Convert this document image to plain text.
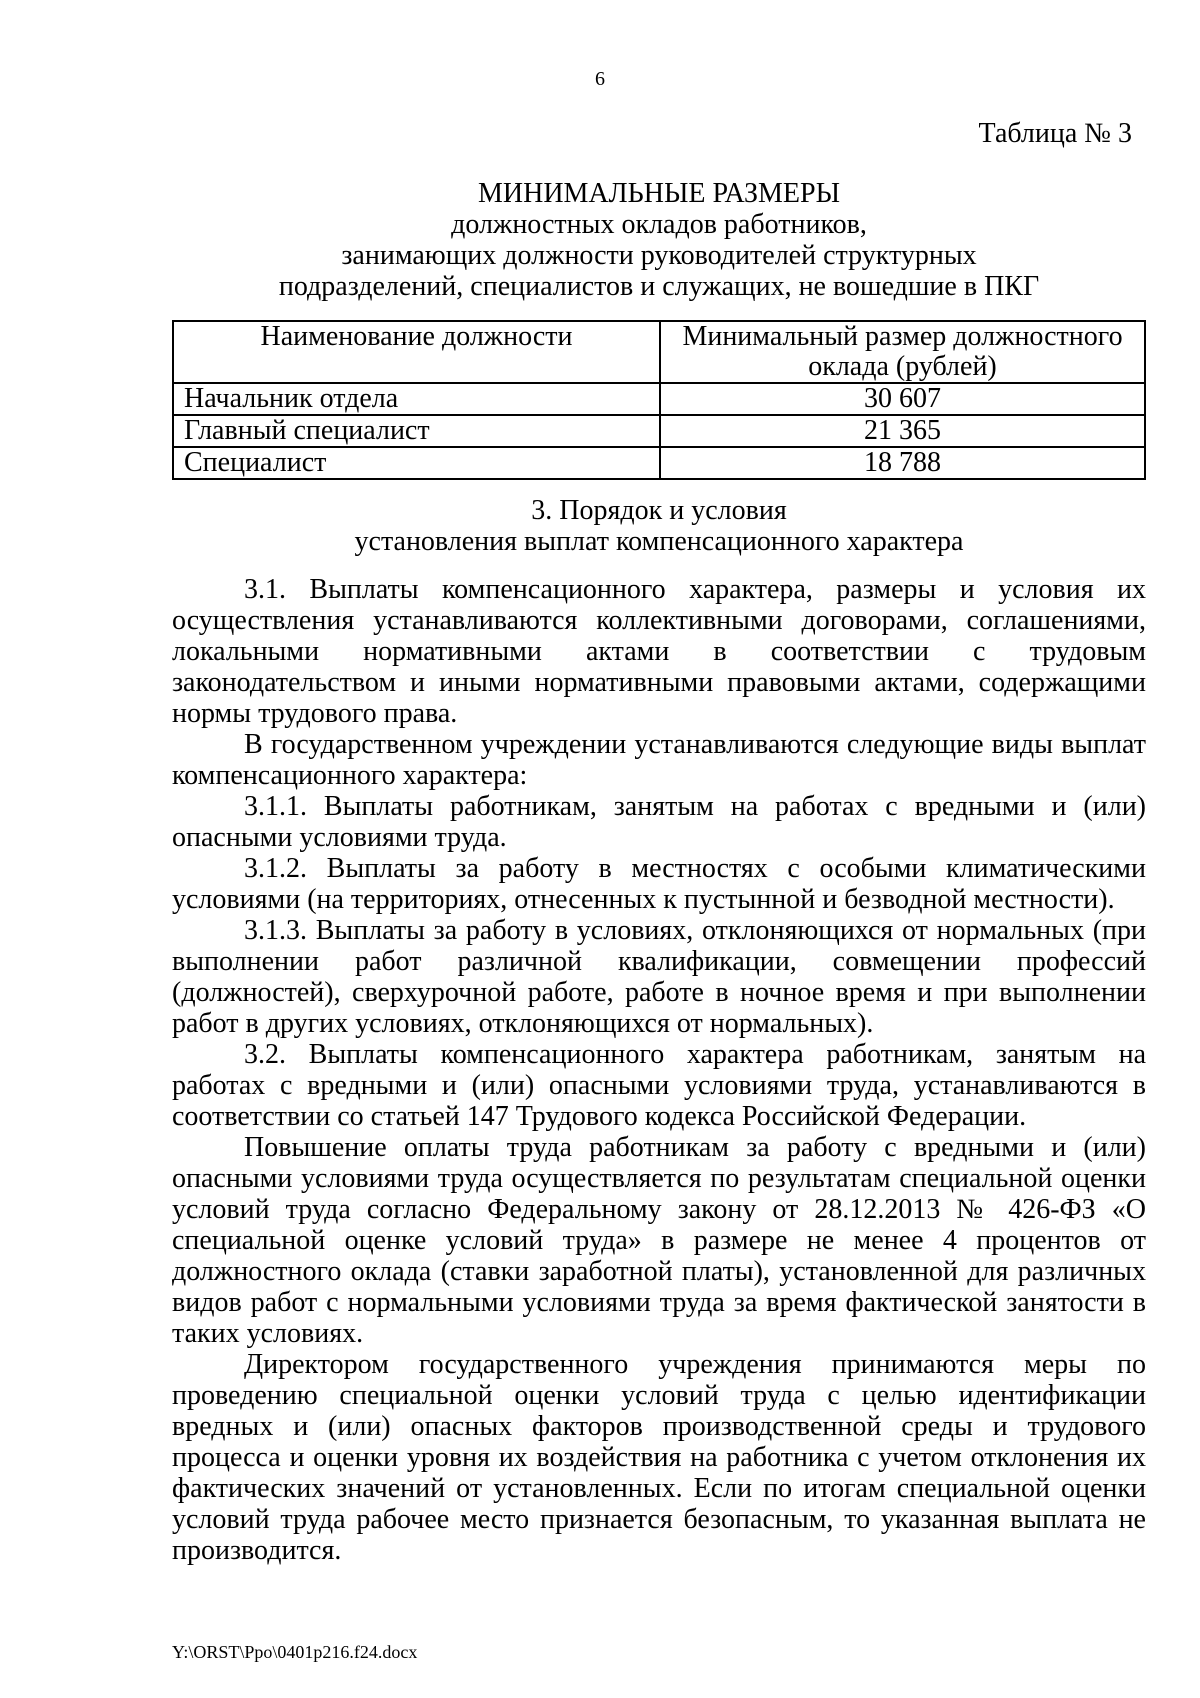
6
Таблица № 3
МИНИМАЛЬНЫЕ РАЗМЕРЫ
должностных окладов работников,
занимающих должности руководителей структурных
подразделений, специалистов и служащих, не вошедшие в ПКГ
Наименование должности	Минимальный размер должностного оклада (рублей)
Начальник отдела	30 607
Главный специалист	21 365
Специалист	18 788
3. Порядок и условия
установления выплат компенсационного характера

3.1. Выплаты компенсационного характера, размеры и условия их осуществления устанавливаются коллективными договорами, соглашениями, локальными нормативными актами в соответствии с трудовым законодательством и иными нормативными правовыми актами, содержащими нормы трудового права.

В государственном учреждении устанавливаются следующие виды выплат компенсационного характера:

3.1.1. Выплаты работникам, занятым на работах с вредными и (или) опасными условиями труда.

3.1.2. Выплаты за работу в местностях с особыми климатическими условиями (на территориях, отнесенных к пустынной и безводной местности).

3.1.3. Выплаты за работу в условиях, отклоняющихся от нормальных (при выполнении работ различной квалификации, совмещении профессий (должностей), сверхурочной работе, работе в ночное время и при выполнении работ в других условиях, отклоняющихся от нормальных).

3.2. Выплаты компенсационного характера работникам, занятым на работах с вредными и (или) опасными условиями труда, устанавливаются в соответствии со статьей 147 Трудового кодекса Российской Федерации.

Повышение оплаты труда работникам за работу с вредными и (или) опасными условиями труда осуществляется по результатам специальной оценки условий труда согласно Федеральному закону от 28.12.2013 № 426-ФЗ «О специальной оценке условий труда» в размере не менее 4 процентов от должностного оклада (ставки заработной платы), установленной для различных видов работ с нормальными условиями труда за время фактической занятости в таких условиях.

Директором государственного учреждения принимаются меры по проведению специальной оценки условий труда с целью идентификации вредных и (или) опасных факторов производственной среды и трудового процесса и оценки уровня их воздействия на работника с учетом отклонения их фактических значений от установленных. Если по итогам специальной оценки условий труда рабочее место признается безопасным, то указанная выплата не производится.

Y:\ORST\Ppo\0401p216.f24.docx
